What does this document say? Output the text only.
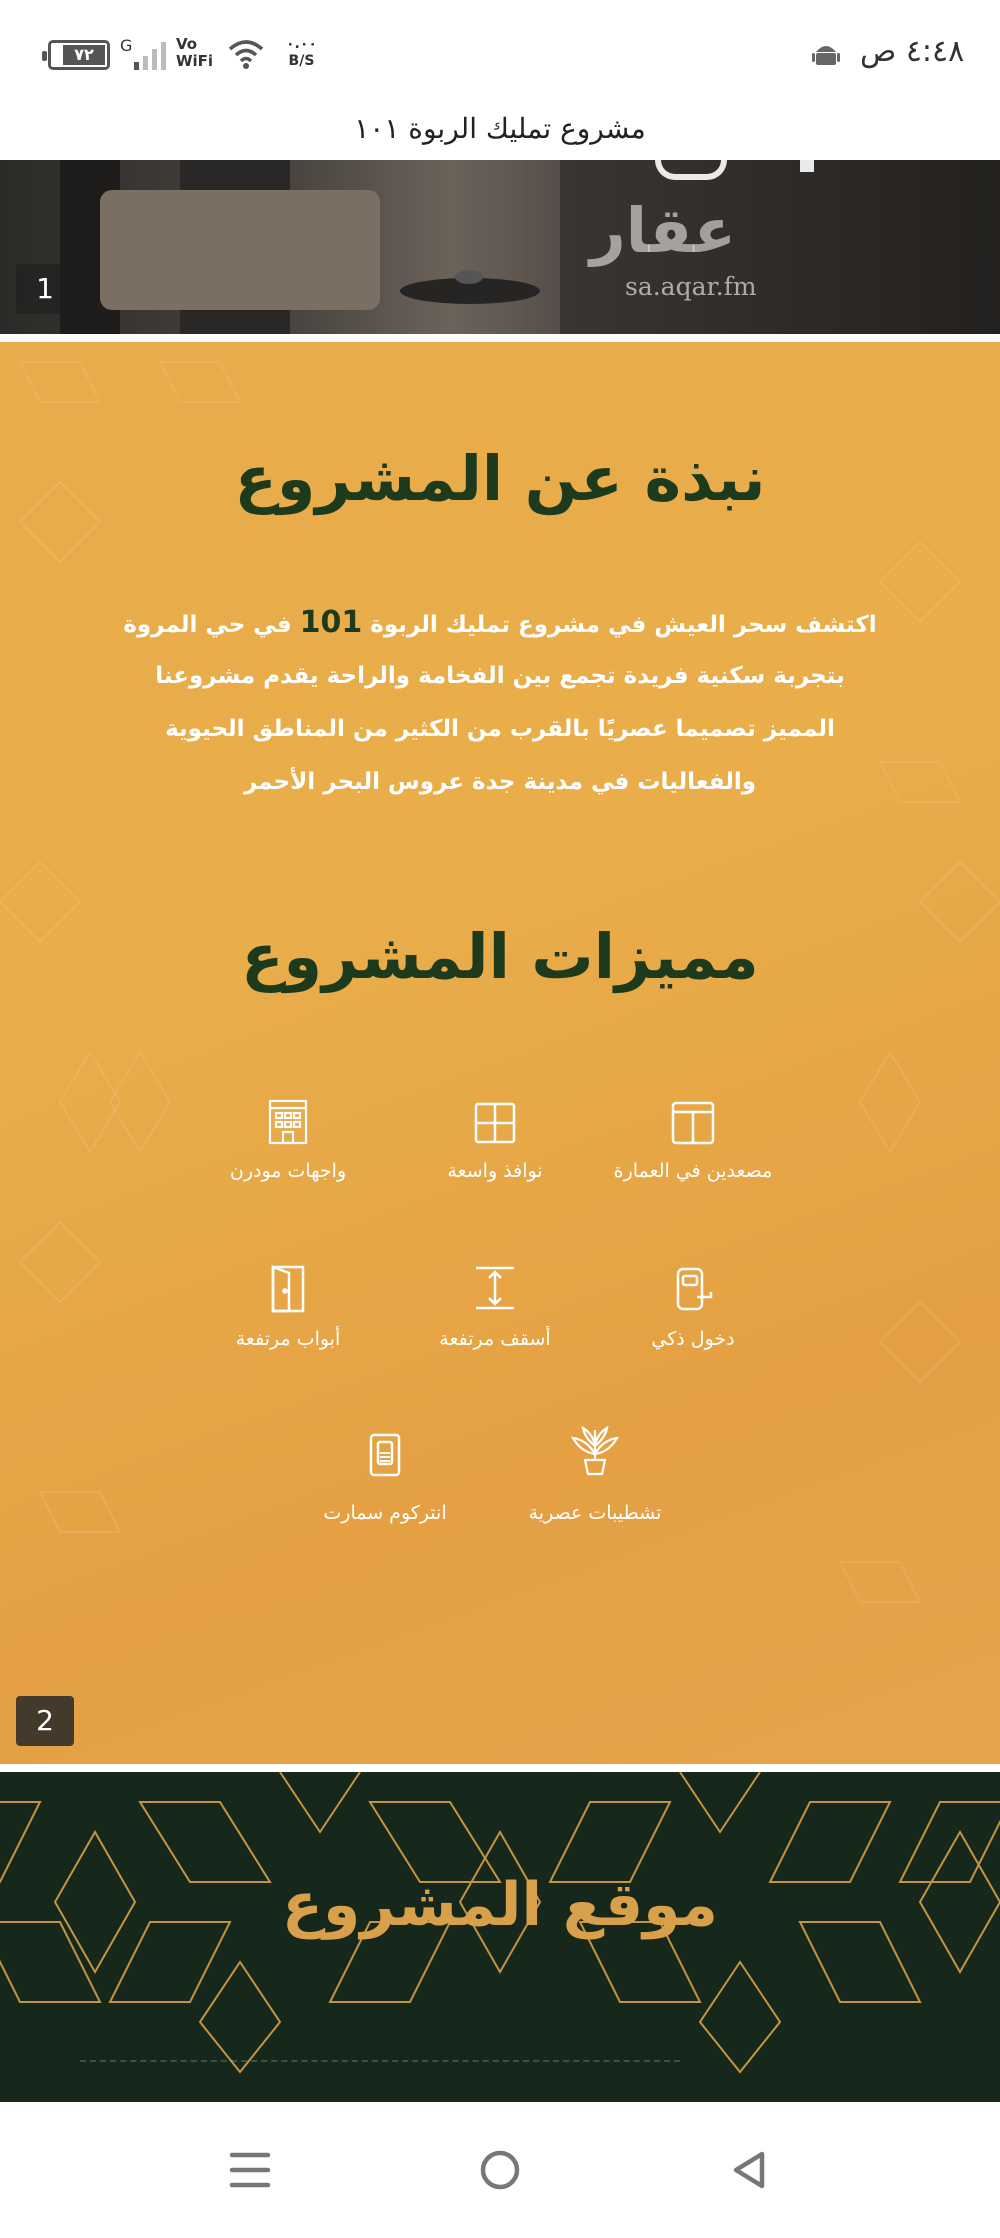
٧٢	G	Vo
WiFi
٠.٠٠
B/S	٤:٤٨ ص
مشروع تمليك الربوة ١٠١
عقار
sa.aqar.fm
1
نبذة عن المشروع
اكتشف سحر العيش في مشروع تمليك الربوة 101 في حي المروة
بتجربة سكنية فريدة تجمع بين الفخامة والراحة يقدم مشروعنا
المميز تصميما عصريًا بالقرب من الكثير من المناطق الحيوية
والفعاليات في مدينة جدة عروس البحر الأحمر
مميزات المشروع
مصعدين في العمارة
نوافذ واسعة
واجهات مودرن
دخول ذكي
أسقف مرتفعة
أبواب مرتفعة
تشطيبات عصرية
انتركوم سمارت
2
موقع المشروع
